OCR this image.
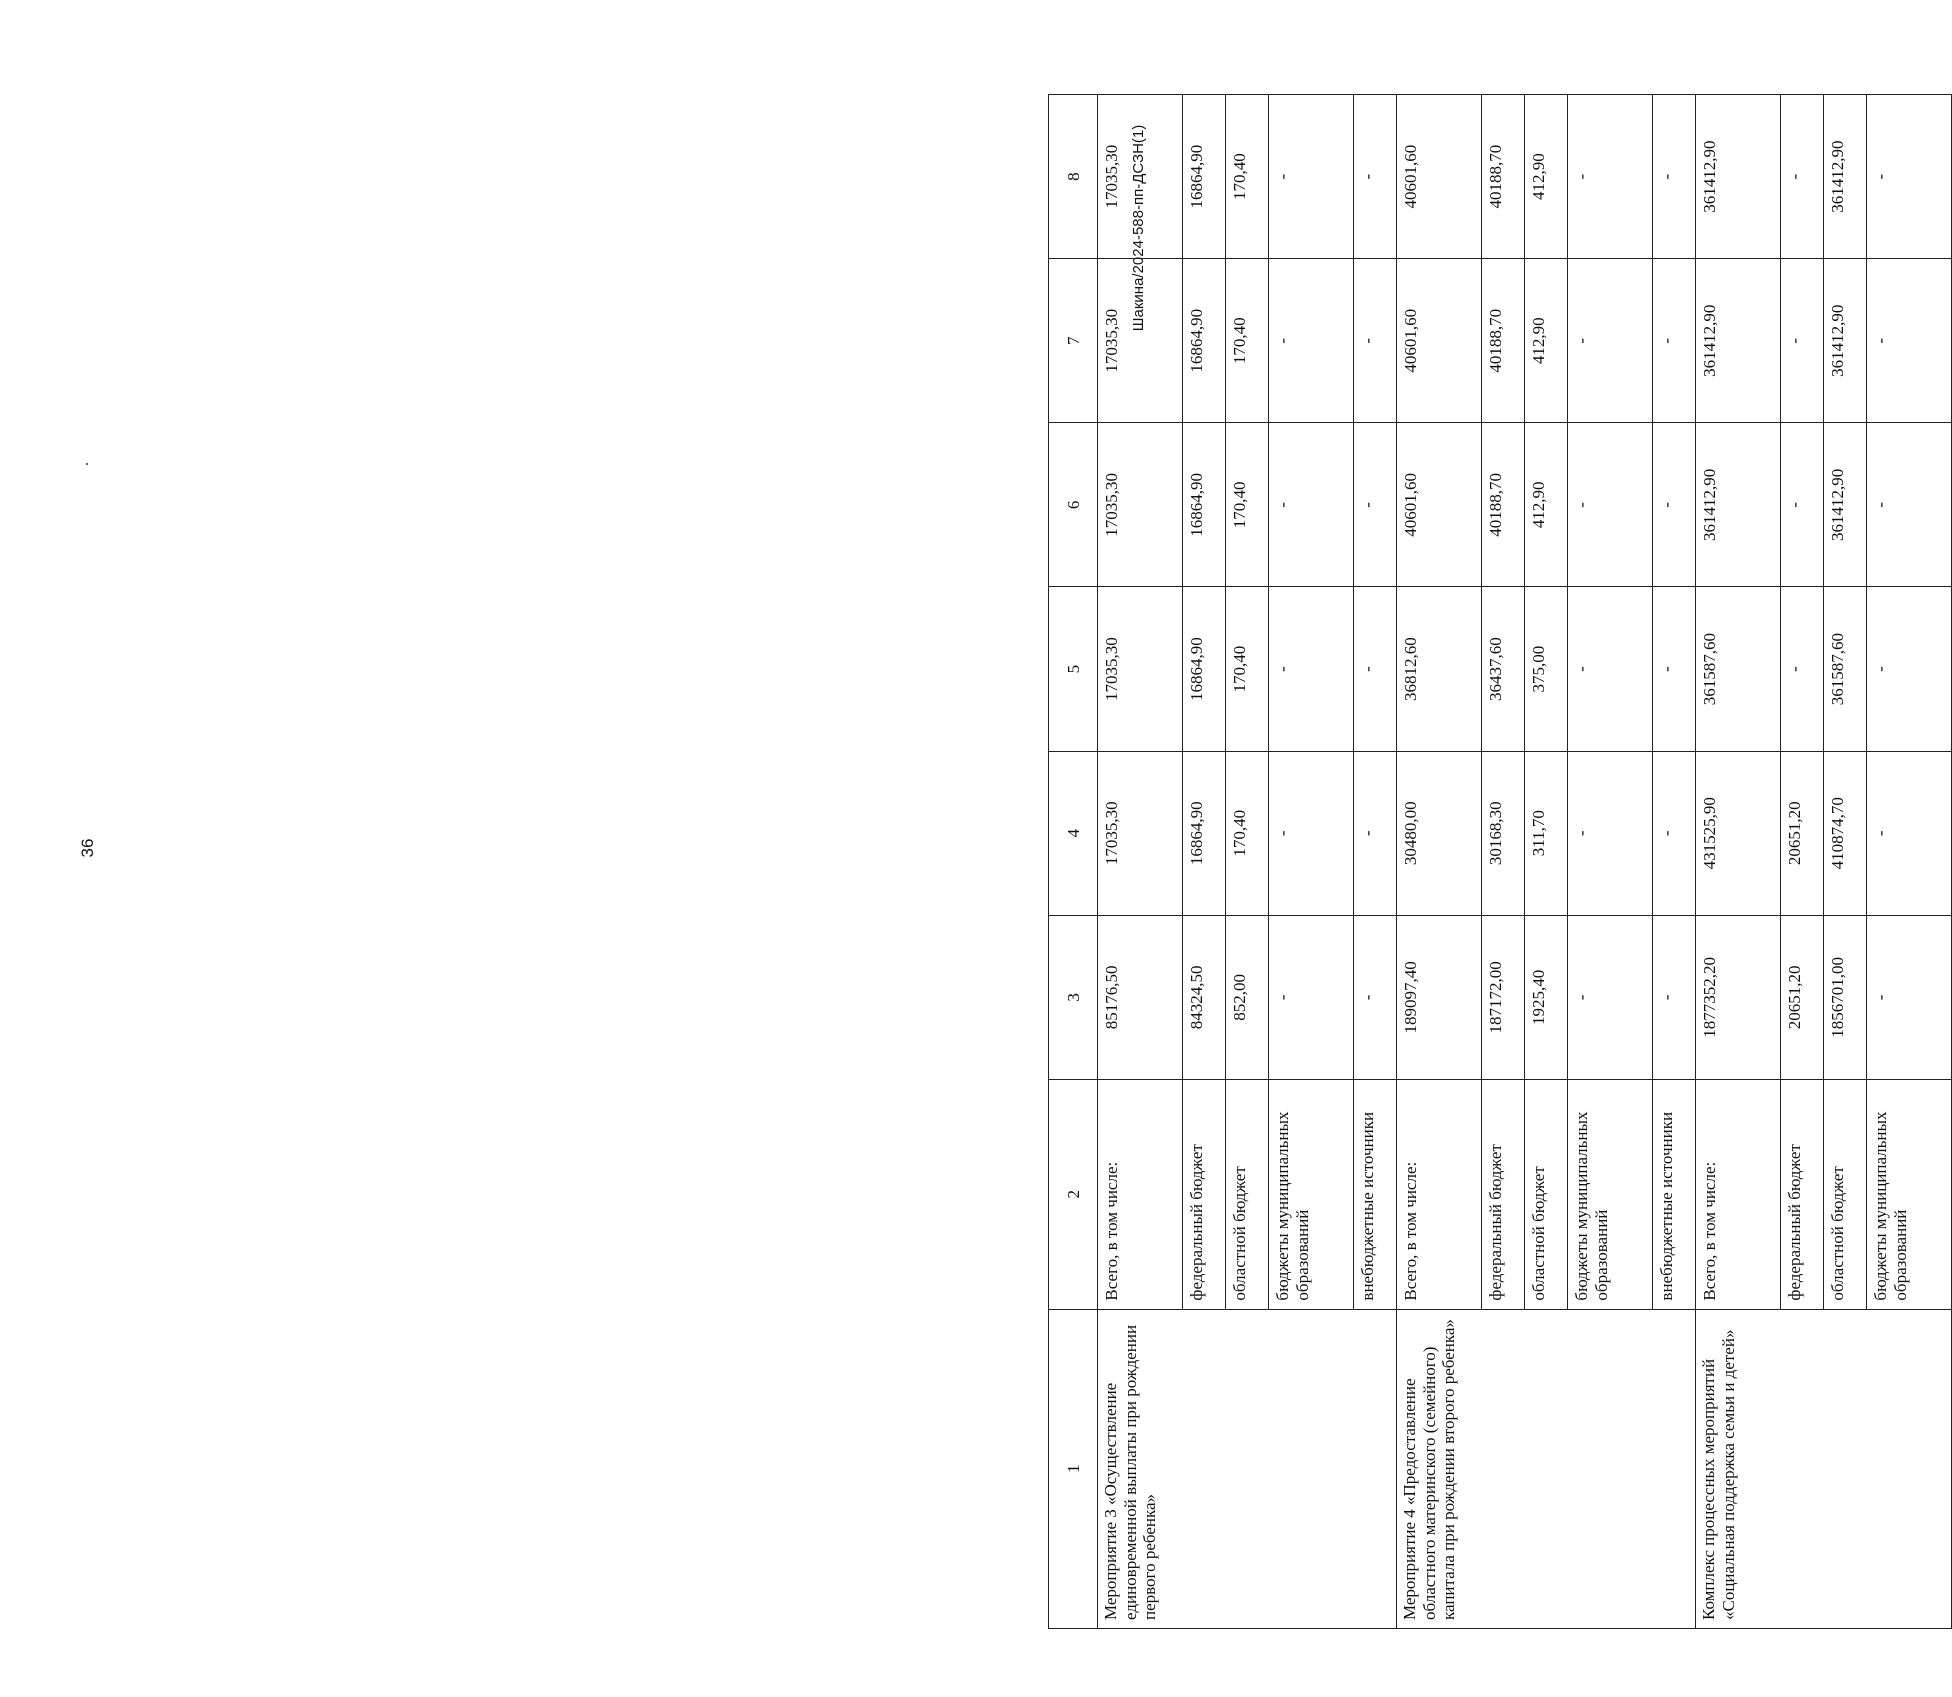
36
Шакина/2024-588-пп-ДСЗН(1)
1	2	3	4	5	6	7	8
Мероприятие 3 «Осуществление единовременной выплаты при рождении первого ребенка»	Всего, в том числе:	85176,50	17035,30	17035,30	17035,30	17035,30	17035,30
	федеральный бюджет	84324,50	16864,90	16864,90	16864,90	16864,90	16864,90
	областной бюджет	852,00	170,40	170,40	170,40	170,40	170,40
	бюджеты муниципальных образований	-	-	-	-	-	-
	внебюджетные источники	-	-	-	-	-	-
Мероприятие 4 «Предоставление областного материнского (семейного) капитала при рождении второго ребенка»	Всего, в том числе:	189097,40	30480,00	36812,60	40601,60	40601,60	40601,60
	федеральный бюджет	187172,00	30168,30	36437,60	40188,70	40188,70	40188,70
	областной бюджет	1925,40	311,70	375,00	412,90	412,90	412,90
	бюджеты муниципальных образований	-	-	-	-	-	-
	внебюджетные источники	-	-	-	-	-	-
Комплекс процессных мероприятий «Социальная поддержка семьи и детей»	Всего, в том числе:	1877352,20	431525,90	361587,60	361412,90	361412,90	361412,90
	федеральный бюджет	20651,20	20651,20	-	-	-	-
	областной бюджет	1856701,00	410874,70	361587,60	361412,90	361412,90	361412,90
	бюджеты муниципальных образований	-	-	-	-	-	-
